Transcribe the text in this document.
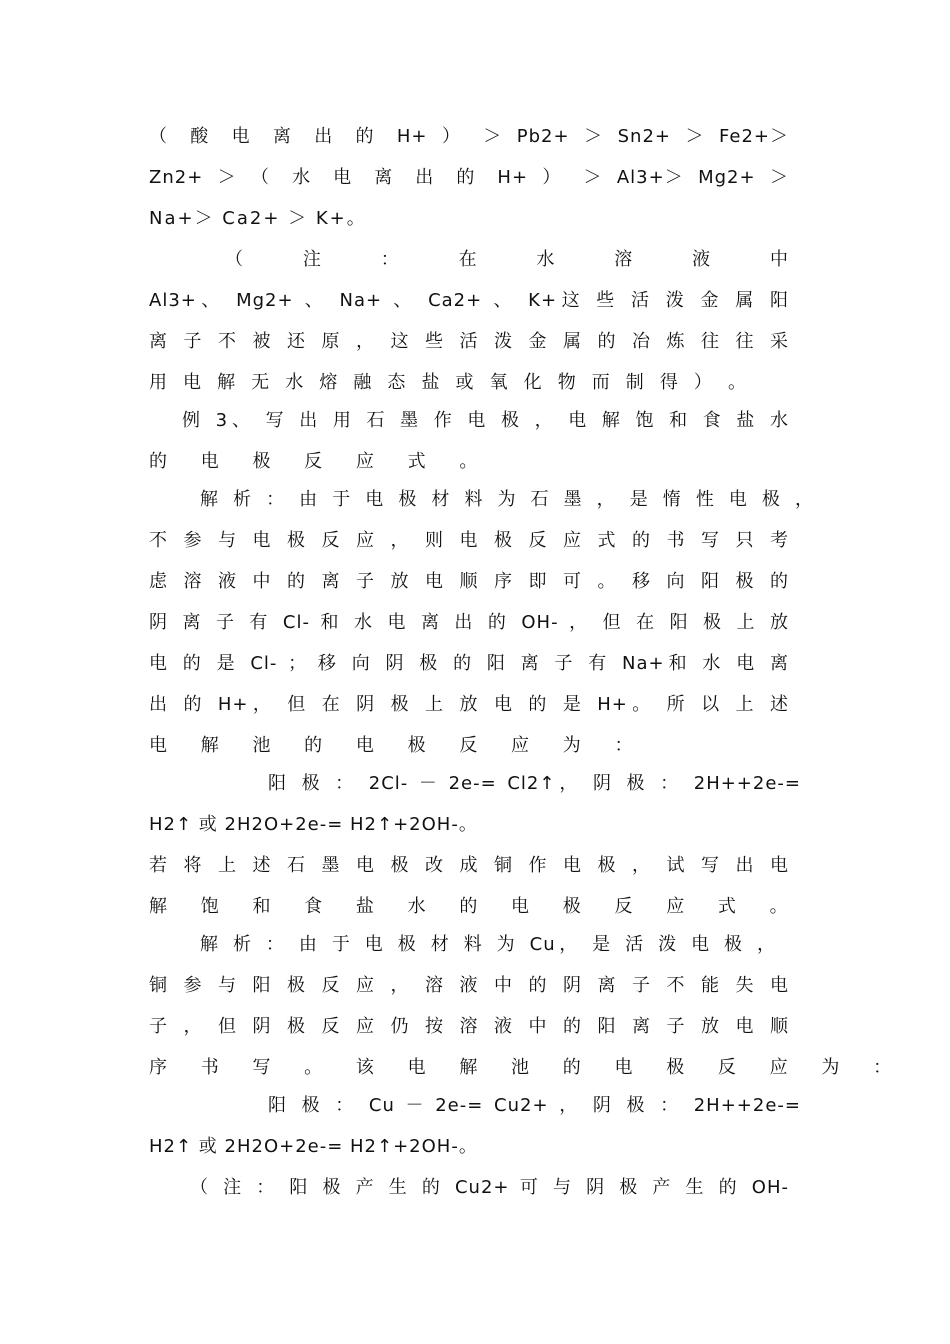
（ 酸 电 离 出 的 H+ ） ＞ Pb2+ ＞ Sn2+ ＞ Fe2+＞
Zn2+ ＞ （ 水 电 离 出 的 H+ ） ＞ Al3+＞ Mg2+ ＞
Na+＞ Ca2+ ＞ K+。
（ 注 ： 在 水 溶 液 中
Al3+、 Mg2+ 、 Na+ 、 Ca2+ 、 K+这 些 活 泼 金 属 阳
离 子 不 被 还 原 ， 这 些 活 泼 金 属 的 冶 炼 往 往 采
用 电 解 无 水 熔 融 态 盐 或 氧 化 物 而 制 得 ） 。
例 3、 写 出 用 石 墨 作 电 极 ， 电 解 饱 和 食 盐 水
的 电 极 反 应 式 。
解 析 ： 由 于 电 极 材 料 为 石 墨 ， 是 惰 性 电 极 ，
不 参 与 电 极 反 应 ， 则 电 极 反 应 式 的 书 写 只 考
虑 溶 液 中 的 离 子 放 电 顺 序 即 可 。 移 向 阳 极 的
阴 离 子 有 Cl- 和 水 电 离 出 的 OH- ， 但 在 阳 极 上 放
电 的 是 Cl- ； 移 向 阴 极 的 阳 离 子 有 Na+和 水 电 离
出 的 H+， 但 在 阴 极 上 放 电 的 是 H+。 所 以 上 述
电 解 池 的 电 极 反 应 为 ：
阳 极 ： 2Cl- － 2e-= Cl2↑， 阴 极 ： 2H++2e-=
H2↑ 或 2H2O+2e-= H2↑+2OH-。
若 将 上 述 石 墨 电 极 改 成 铜 作 电 极 ， 试 写 出 电
解 饱 和 食 盐 水 的 电 极 反 应 式 。
解 析 ： 由 于 电 极 材 料 为 Cu， 是 活 泼 电 极 ，
铜 参 与 阳 极 反 应 ， 溶 液 中 的 阴 离 子 不 能 失 电
子 ， 但 阴 极 反 应 仍 按 溶 液 中 的 阳 离 子 放 电 顺
序 书 写 。 该 电 解 池 的 电 极 反 应 为 ：
阳 极 ： Cu － 2e-= Cu2+ ， 阴 极 ： 2H++2e-=
H2↑ 或 2H2O+2e-= H2↑+2OH-。
（ 注 ： 阳 极 产 生 的 Cu2+ 可 与 阴 极 产 生 的 OH-
